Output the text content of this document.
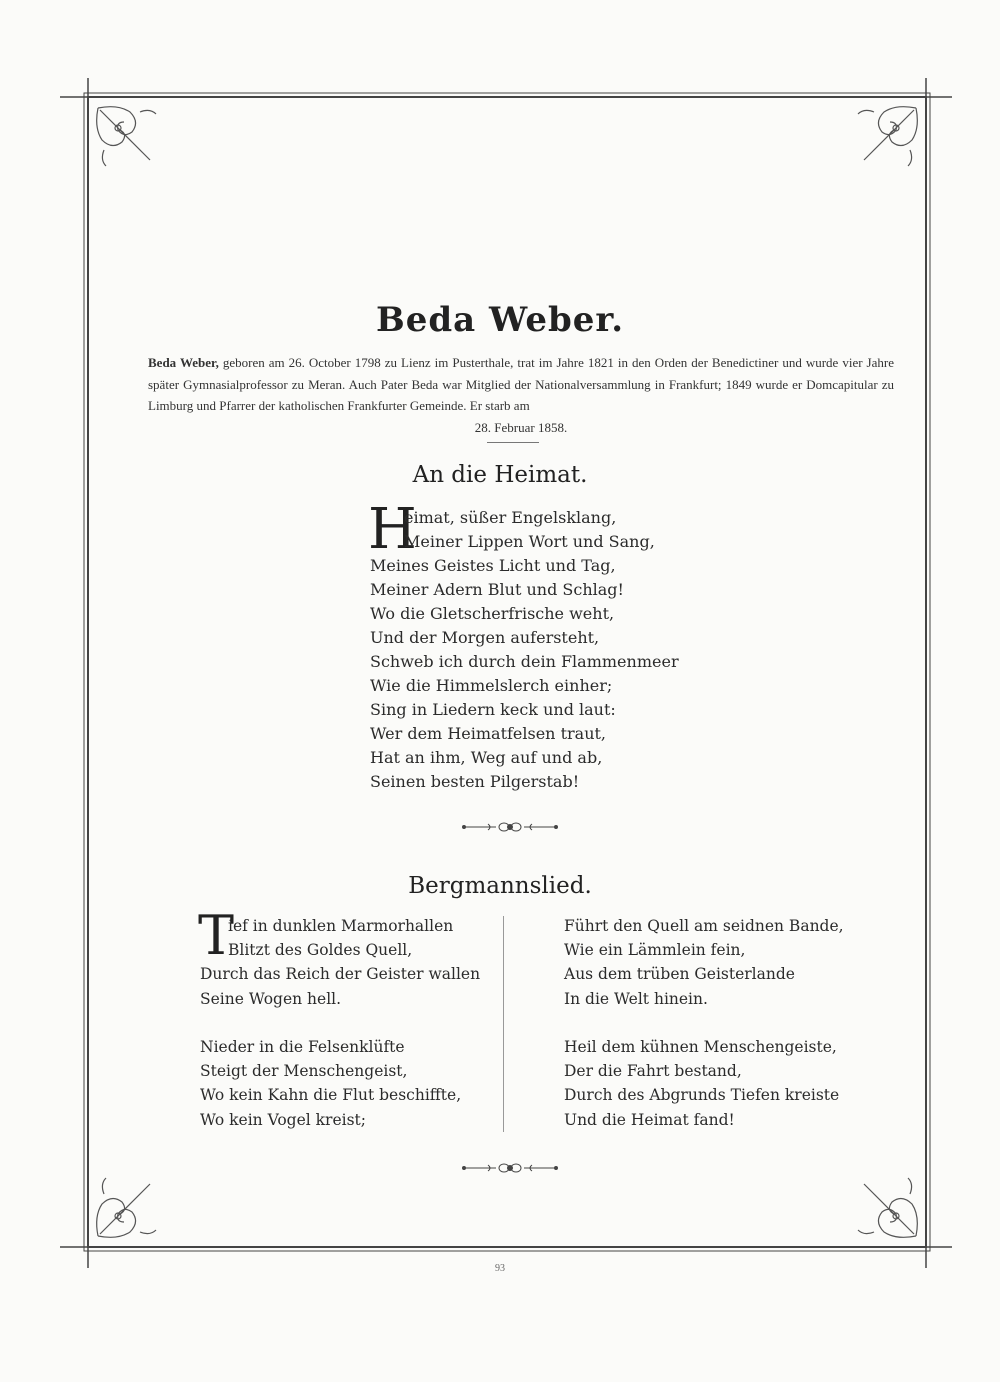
Beda Weber.
Beda Weber, geboren am 26. October 1798 zu Lienz im Pusterthale, trat im Jahre 1821 in den Orden der Benedictiner und wurde vier Jahre später Gymnasialprofessor zu Meran. Auch Pater Beda war Mitglied der Nationalversammlung in Frankfurt; 1849 wurde er Domcapitular zu Limburg und Pfarrer der katholischen Frankfurter Gemeinde. Er starb am
28. Februar 1858.
An die Heimat.
H
eimat, süßer Engelsklang,
Meiner Lippen Wort und Sang,
Meines Geistes Licht und Tag,
Meiner Adern Blut und Schlag!
Wo die Gletscherfrische weht,
Und der Morgen aufersteht,
Schweb ich durch dein Flammenmeer
Wie die Himmelslerch einher;
Sing in Liedern keck und laut:
Wer dem Heimatfelsen traut,
Hat an ihm, Weg auf und ab,
Seinen besten Pilgerstab!
Bergmannslied.
T
ief in dunklen Marmorhallen
Blitzt des Goldes Quell,
Durch das Reich der Geister wallen
Seine Wogen hell.
Nieder in die Felsenklüfte
Steigt der Menschengeist,
Wo kein Kahn die Flut beschiffte,
Wo kein Vogel kreist;
Führt den Quell am seidnen Bande,
Wie ein Lämmlein fein,
Aus dem trüben Geisterlande
In die Welt hinein.
Heil dem kühnen Menschengeiste,
Der die Fahrt bestand,
Durch des Abgrunds Tiefen kreiste
Und die Heimat fand!
93
